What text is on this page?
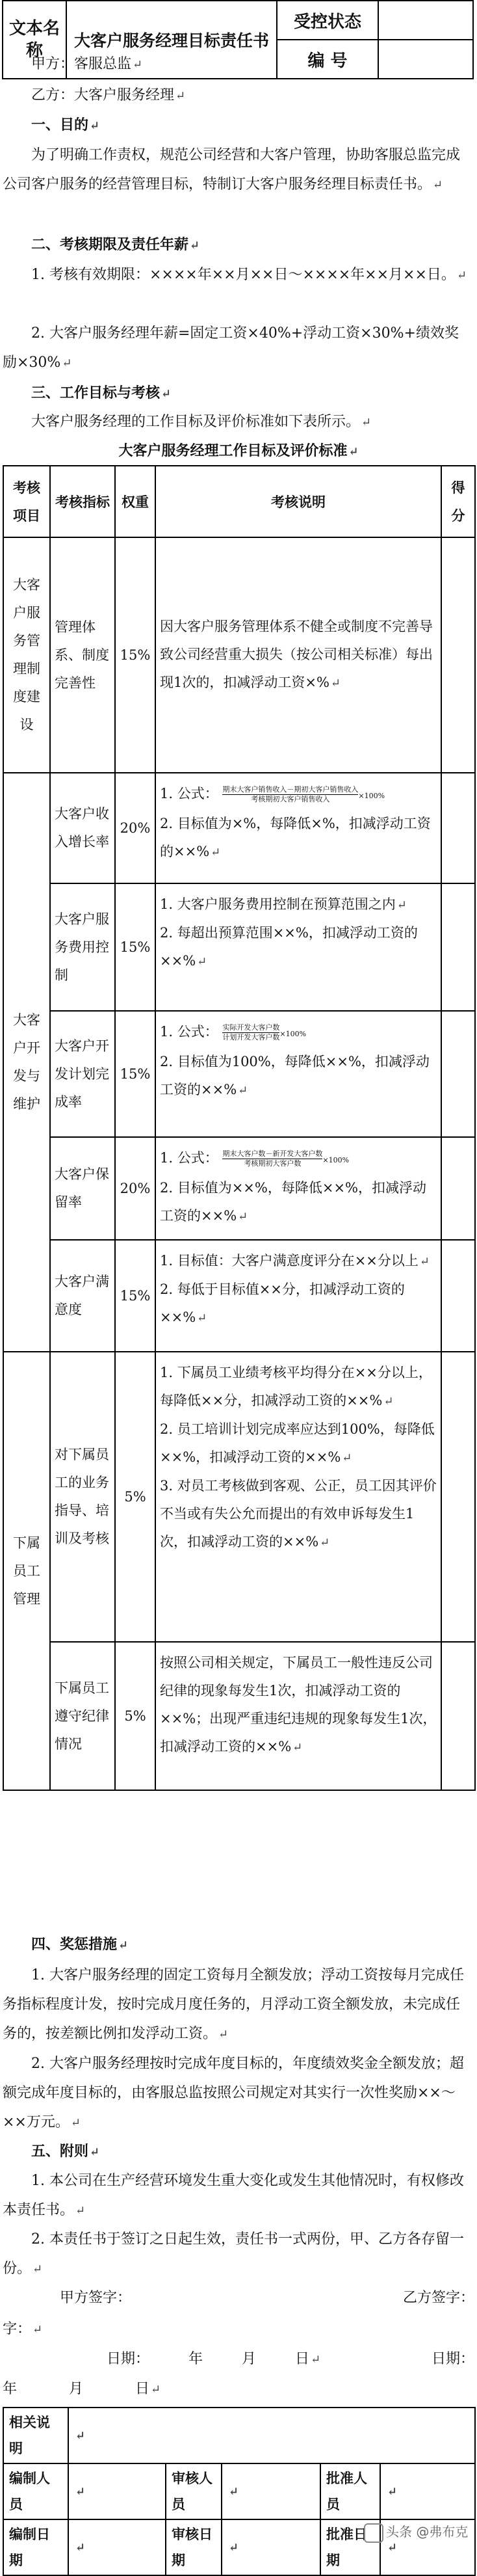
文本名称	大客户服务经理目标责任书	受控状态	
		编 号	
甲方：客服总监 ↵
乙方：大客户服务经理 ↵
一、目的 ↵
为了明确工作责权，规范公司经营和大客户管理，协助客服总监完成公司客户服务的经营管理目标，特制订大客户服务经理目标责任书。 ↵
二、考核期限及责任年薪 ↵
1. 考核有效期限：××××年××月××日～××××年××月××日。 ↵
2. 大客户服务经理年薪=固定工资×40%+浮动工资×30%+绩效奖励×30% ↵
三、工作目标与考核 ↵
大客户服务经理的工作目标及评价标准如下表所示。 ↵
大客户服务经理工作目标及评价标准 ↵
考核项目	考核指标	权重	考核说明	得分
大客户服务管理制度建设	管理体系、制度完善性	15%	因大客户服务管理体系不健全或制度不完善导致公司经营重大损失（按公司相关标准）每出现1次的，扣减浮动工资×% ↵	
大客户开发与维护	大客户收入增长率	20%	1. 公式： $\frac{\text{期末大客户销售收入－期初大客户销售收入}}{\text{考核期初大客户销售收入}} \times 100\%$
2. 目标值为×%，每降低×%，扣减浮动工资的××% ↵	

	大客户服务费用控制	15%	1. 大客户服务费用控制在预算范围之内 ↵
2. 每超出预算范围××%，扣减浮动工资的××% ↵	

	大客户开发计划完成率	15%	1. 公式： $\frac{\text{实际开发大客户数}}{\text{计划开发大客户数}} \times 100\%$
2. 目标值为100%，每降低××%，扣减浮动工资的××% ↵	

	大客户保留率	20%	1. 公式： $\frac{\text{期末大客户数－新开发大客户数}}{\text{考核期初大客户数}} \times 100\%$
2. 目标值为××%，每降低××%，扣减浮动工资的××% ↵	

	大客户满意度	15%	1. 目标值：大客户满意度评分在××分以上 ↵
2. 每低于目标值××分，扣减浮动工资的××% ↵	

下属员工管理	对下属员工的业务指导、培训及考核	5%	1. 下属员工业绩考核平均得分在××分以上，每降低××分，扣减浮动工资的××% ↵
2. 员工培训计划完成率应达到100%，每降低××%，扣减浮动工资的××% ↵
3. 对员工考核做到客观、公正，员工因其评价不当或有失公允而提出的有效申诉每发生1次，扣减浮动工资的××% ↵	

	下属员工遵守纪律情况	5%	按照公司相关规定，下属员工一般性违反公司纪律的现象每发生1次，扣减浮动工资的××%；出现严重违纪违规的现象每发生1次，扣减浮动工资的××% ↵	

四、奖惩措施 ↵
1. 大客户服务经理的固定工资每月全额发放；浮动工资按每月完成任务指标程度计发，按时完成月度任务的，月浮动工资全额发放，未完成任务的，按差额比例扣发浮动工资。 ↵
2. 大客户服务经理按时完成年度目标的，年度绩效奖金全额发放；超额完成年度目标的，由客服总监按照公司规定对其实行一次性奖励××～××万元。 ↵
五、附则 ↵
1. 本公司在生产经营环境发生重大变化或发生其他情况时，有权修改本责任书。 ↵
2. 本责任书于签订之日起生效，责任书一式两份，甲、乙方各存留一份。 ↵
甲方签字：	乙方签字：
字： ↵
日期：	年	月	日 ↵	日期：
年	月	日 ↵
相关说明	↵				
编制人员	↵	审核人员	↵	批准人员	↵
编制日期	↵	审核日期	↵	批准日期	↵
头条 @弗布克
